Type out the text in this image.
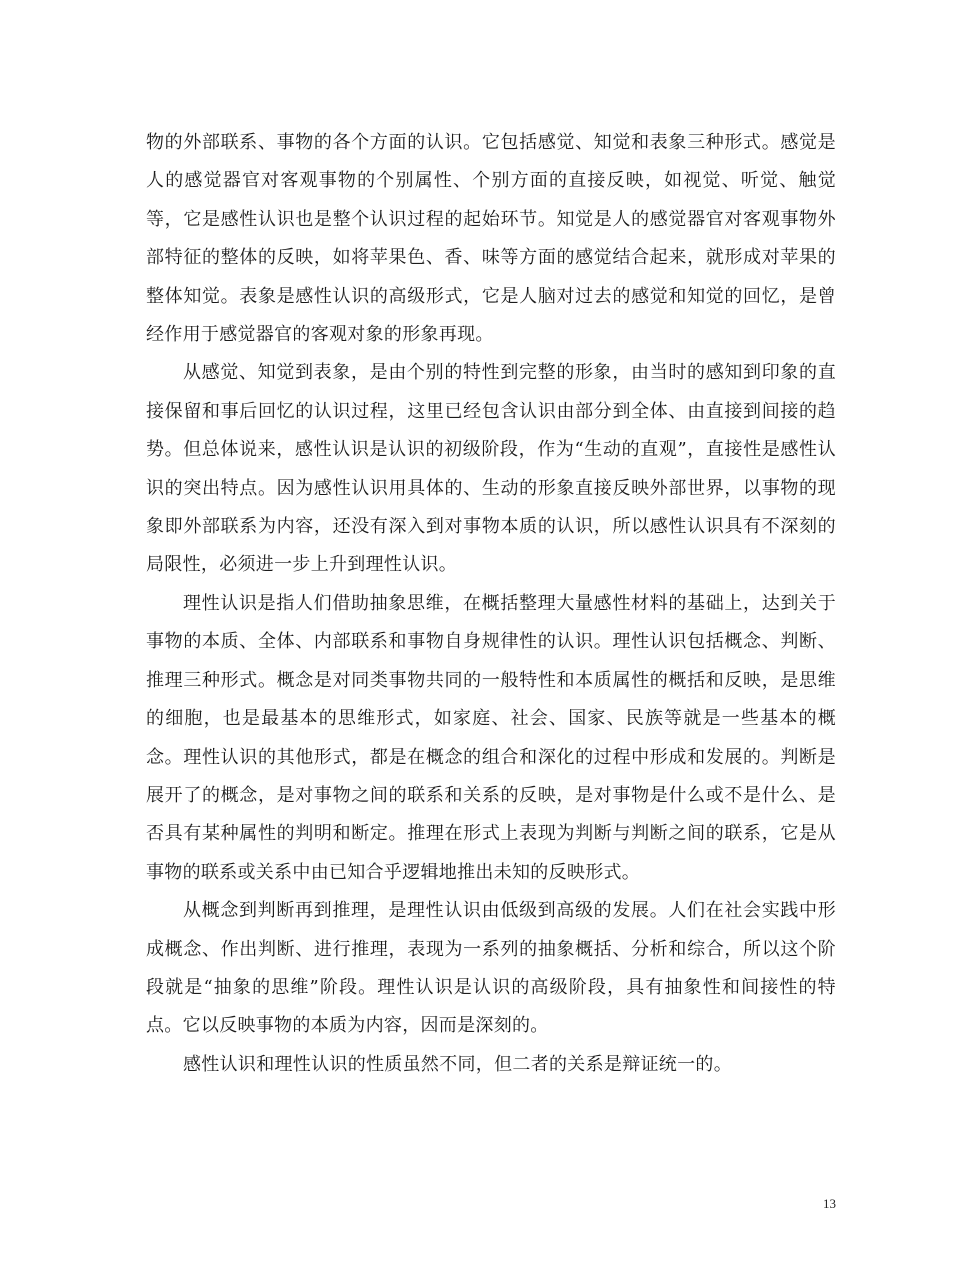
物的外部联系、事物的各个方面的认识。它包括感觉、知觉和表象三种形式。感觉是人的感觉器官对客观事物的个别属性、个别方面的直接反映，如视觉、听觉、触觉等，它是感性认识也是整个认识过程的起始环节。知觉是人的感觉器官对客观事物外部特征的整体的反映，如将苹果色、香、味等方面的感觉结合起来，就形成对苹果的整体知觉。表象是感性认识的高级形式，它是人脑对过去的感觉和知觉的回忆，是曾经作用于感觉器官的客观对象的形象再现。

从感觉、知觉到表象，是由个别的特性到完整的形象，由当时的感知到印象的直接保留和事后回忆的认识过程，这里已经包含认识由部分到全体、由直接到间接的趋势。但总体说来，感性认识是认识的初级阶段，作为“生动的直观”，直接性是感性认识的突出特点。因为感性认识用具体的、生动的形象直接反映外部世界，以事物的现象即外部联系为内容，还没有深入到对事物本质的认识，所以感性认识具有不深刻的局限性，必须进一步上升到理性认识。

理性认识是指人们借助抽象思维，在概括整理大量感性材料的基础上，达到关于事物的本质、全体、内部联系和事物自身规律性的认识。理性认识包括概念、判断、推理三种形式。概念是对同类事物共同的一般特性和本质属性的概括和反映，是思维的细胞，也是最基本的思维形式，如家庭、社会、国家、民族等就是一些基本的概念。理性认识的其他形式，都是在概念的组合和深化的过程中形成和发展的。判断是展开了的概念，是对事物之间的联系和关系的反映，是对事物是什么或不是什么、是否具有某种属性的判明和断定。推理在形式上表现为判断与判断之间的联系，它是从事物的联系或关系中由已知合乎逻辑地推出未知的反映形式。

从概念到判断再到推理，是理性认识由低级到高级的发展。人们在社会实践中形成概念、作出判断、进行推理，表现为一系列的抽象概括、分析和综合，所以这个阶段就是“抽象的思维”阶段。理性认识是认识的高级阶段，具有抽象性和间接性的特点。它以反映事物的本质为内容，因而是深刻的。

感性认识和理性认识的性质虽然不同，但二者的关系是辩证统一的。

13
